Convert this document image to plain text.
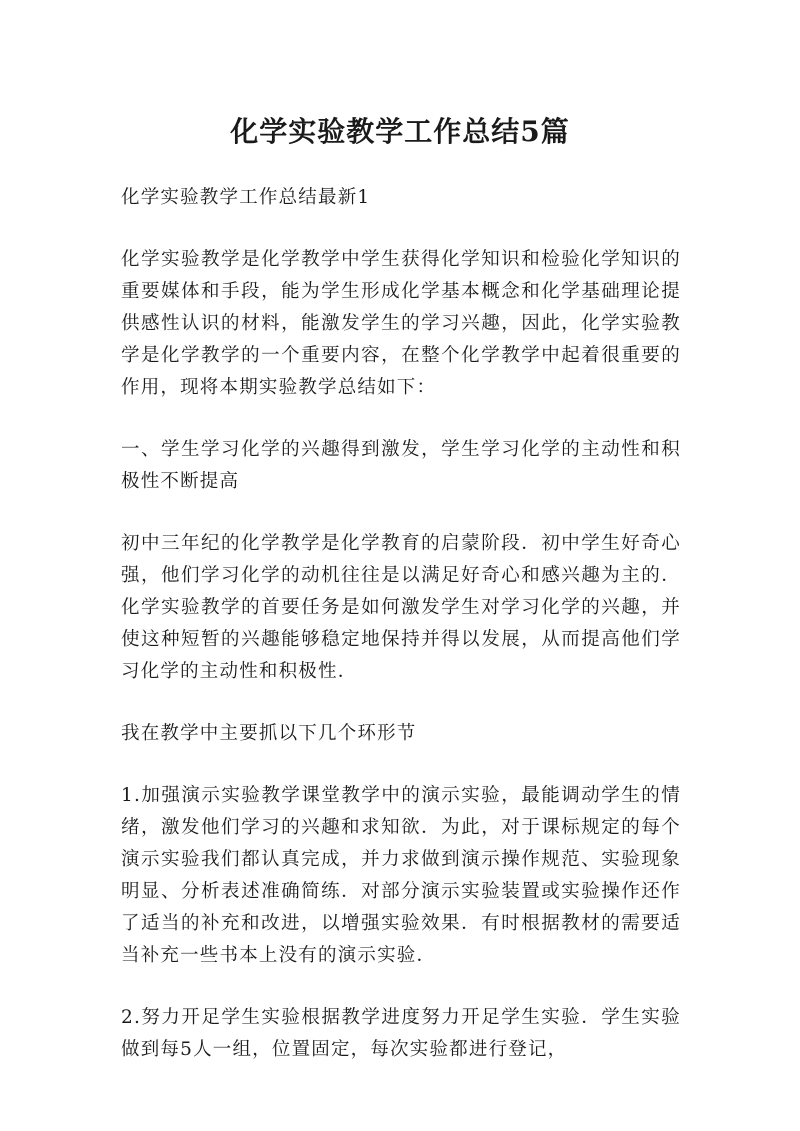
化学实验教学工作总结5篇

化学实验教学工作总结最新1

化学实验教学是化学教学中学生获得化学知识和检验化学知识的重要媒体和手段，能为学生形成化学基本概念和化学基础理论提供感性认识的材料，能激发学生的学习兴趣，因此，化学实验教学是化学教学的一个重要内容，在整个化学教学中起着很重要的作用，现将本期实验教学总结如下：

一、学生学习化学的兴趣得到激发，学生学习化学的主动性和积极性不断提高

初中三年纪的化学教学是化学教育的启蒙阶段．初中学生好奇心强，他们学习化学的动机往往是以满足好奇心和感兴趣为主的．化学实验教学的首要任务是如何激发学生对学习化学的兴趣，并使这种短暂的兴趣能够稳定地保持并得以发展，从而提高他们学习化学的主动性和积极性．

我在教学中主要抓以下几个环形节

1.加强演示实验教学课堂教学中的演示实验，最能调动学生的情绪，激发他们学习的兴趣和求知欲．为此，对于课标规定的每个演示实验我们都认真完成，并力求做到演示操作规范、实验现象明显、分析表述准确简练．对部分演示实验装置或实验操作还作了适当的补充和改进，以增强实验效果．有时根据教材的需要适当补充一些书本上没有的演示实验．

2.努力开足学生实验根据教学进度努力开足学生实验．学生实验做到每5人一组，位置固定，每次实验都进行登记，
